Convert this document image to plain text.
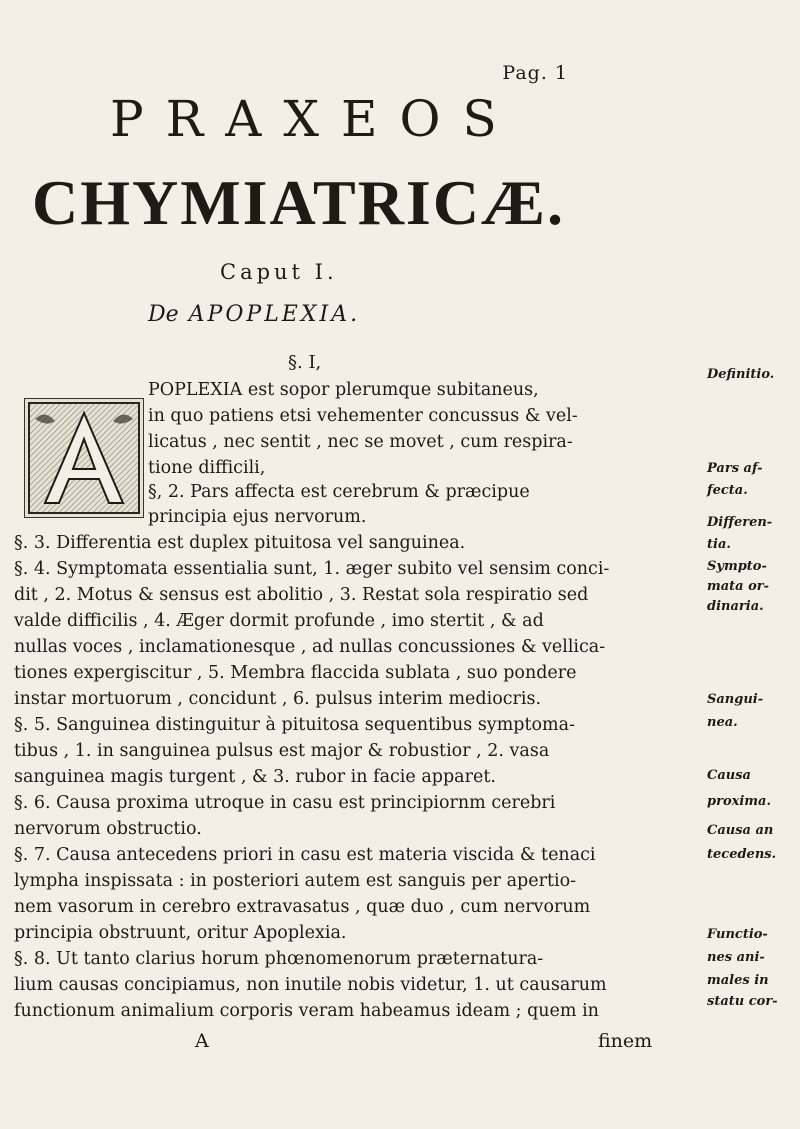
Pag. 1
PRAXEOS
CHYMIATRICÆ.
Caput I.
De APOPLEXIA.
§. I,
POPLEXIA est sopor plerumque subitaneus,
in quo patiens etsi vehementer concussus & vel-
licatus , nec sentit , nec se movet , cum respira-
tione difficili,
§, 2. Pars affecta est cerebrum & præcipue
principia ejus nervorum.
§. 3. Differentia est duplex pituitosa vel sanguinea.
§. 4. Symptomata essentialia sunt, 1. æger subito vel sensim conci-
dit , 2. Motus & sensus est abolitio , 3. Restat sola respiratio sed
valde difficilis , 4. Æger dormit profunde , imo stertit , & ad
nullas voces , inclamationesque , ad nullas concussiones & vellica-
tiones expergiscitur , 5. Membra flaccida sublata , suo pondere
instar mortuorum , concidunt , 6. pulsus interim mediocris.
§. 5. Sanguinea distinguitur à pituitosa sequentibus symptoma-
tibus , 1. in sanguinea pulsus est major & robustior , 2. vasa
sanguinea magis turgent , & 3. rubor in facie apparet.
§. 6. Causa proxima utroque in casu est principiornm cerebri
nervorum obstructio.
§. 7. Causa antecedens priori in casu est materia viscida & tenaci
lympha inspissata : in posteriori autem est sanguis per apertio-
nem vasorum in cerebro extravasatus , quæ duo , cum nervorum
principia obstruunt, oritur Apoplexia.
§. 8. Ut tanto clarius horum phœnomenorum præternatura-
lium causas concipiamus, non inutile nobis videtur, 1. ut causarum
functionum animalium corporis veram habeamus ideam ; quem in
Definitio.
Pars af-
fecta.
Differen-
tia.
Sympto-
mata or-
dinaria.
Sangui-
nea.
Causa
proxima.
Causa an
tecedens.
Functio-
nes ani-
males in
statu cor-
A	finem
